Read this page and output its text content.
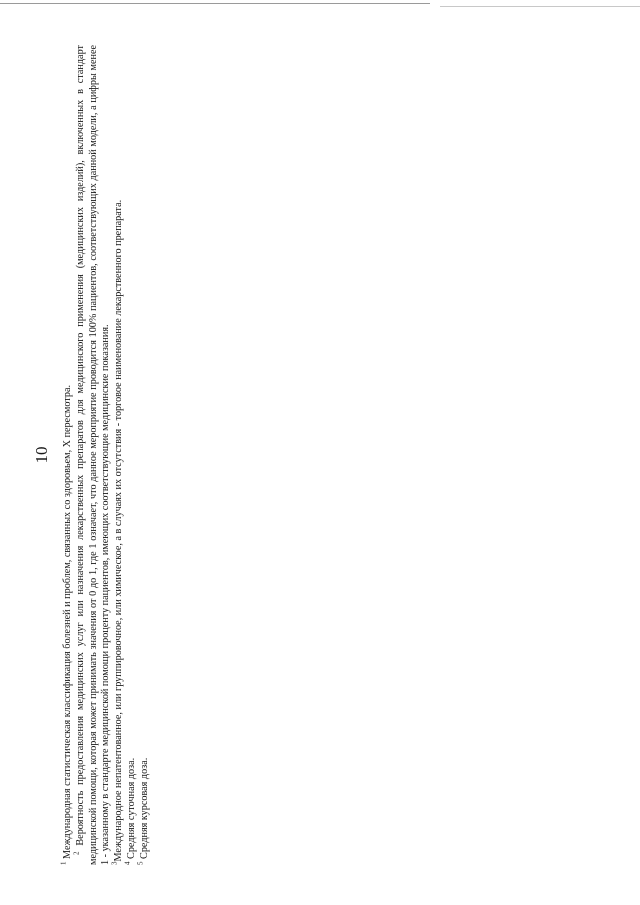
10

$^1$ Международная статистическая классификация болезней и проблем, связанных со здоровьем, X пересмотра. $^2$ Вероятность предоставления медицинских услуг или назначения лекарственных препаратов для медицинского применения (медицинских изделий), включенных в стандарт медицинской помощи, которая может принимать значения от 0 до 1, где 1 означает, что данное мероприятие проводится 100% пациентов, соответствующих данной модели, а цифры менее 1 - указанному в стандарте медицинской помощи проценту пациентов, имеющих соответствующие медицинские показания. $^3$Международное непатентованное, или группировочное, или химическое, а в случаях их отсутствия - торговое наименование лекарственного препарата.

$^4$ Средняя суточная доза.

$^5$ Средняя курсовая доза.
